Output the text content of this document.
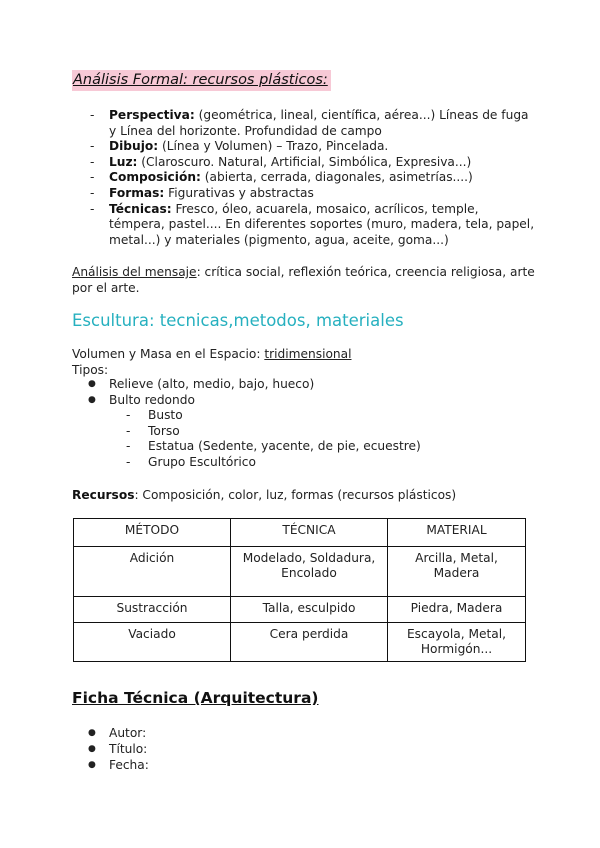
Análisis Formal: recursos plásticos:
- Perspectiva: (geométrica, lineal, científica, aérea...) Líneas de fuga y Línea del horizonte. Profundidad de campo
- Dibujo: (Línea y Volumen) – Trazo, Pincelada.
- Luz: (Claroscuro. Natural, Artificial, Simbólica, Expresiva...)
- Composición: (abierta, cerrada, diagonales, asimetrías....)
- Formas: Figurativas y abstractas
- Técnicas: Fresco, óleo, acuarela, mosaico, acrílicos, temple, témpera, pastel.... En diferentes soportes (muro, madera, tela, papel, metal...) y materiales (pigmento, agua, aceite, goma...)
Análisis del mensaje: crítica social, reflexión teórica, creencia religiosa, arte por el arte.
Escultura: tecnicas,metodos, materiales
Volumen y Masa en el Espacio: tridimensional
Tipos:
● Relieve (alto, medio, bajo, hueco)
● Bulto redondo
- Busto
- Torso
- Estatua (Sedente, yacente, de pie, ecuestre)
- Grupo Escultórico
Recursos: Composición, color, luz, formas (recursos plásticos)
MÉTODO	TÉCNICA	MATERIAL
Adición	Modelado, Soldadura, Encolado	Arcilla, Metal, Madera
Sustracción	Talla, esculpido	Piedra, Madera
Vaciado	Cera perdida	Escayola, Metal, Hormigón...
Ficha Técnica (Arquitectura)
● Autor:
● Título:
● Fecha:
